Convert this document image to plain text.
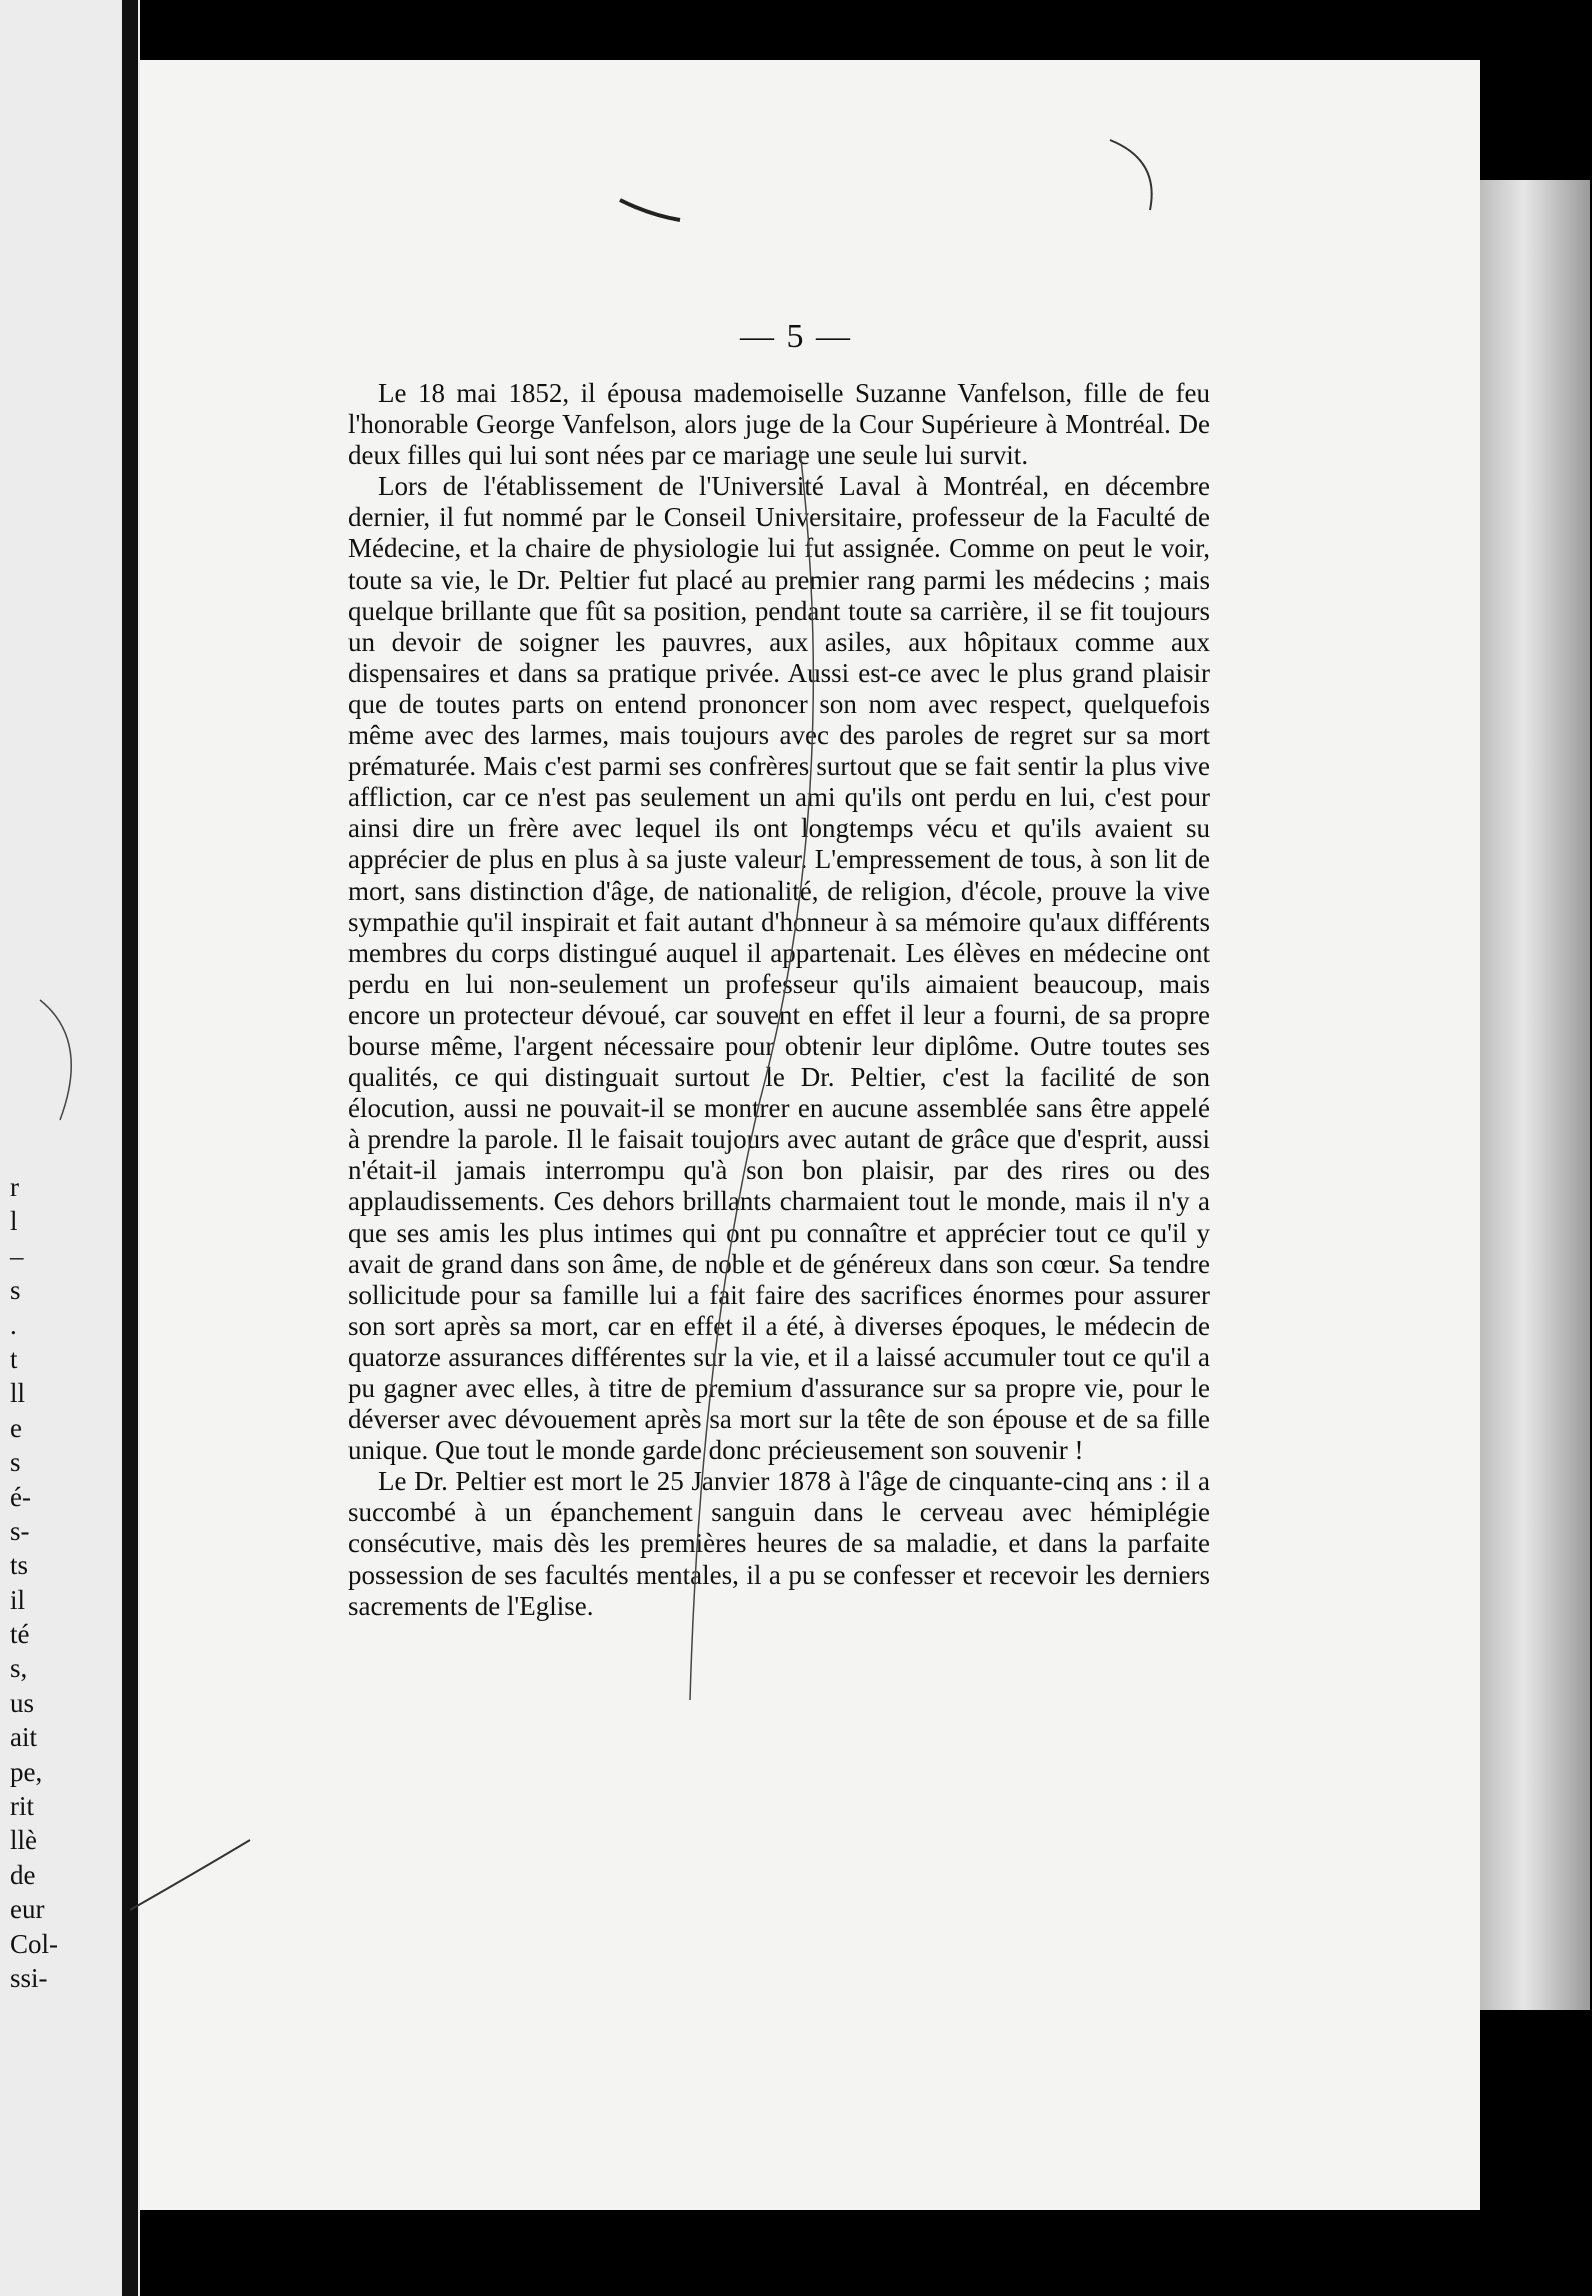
r
l
–
s
.
t
ll
e
s
é-
s-
ts
il
té
s,
us
ait
pe,
rit
llè
de
eur
Col-
ssi-
— 5 —

Le 18 mai 1852, il épousa mademoiselle Suzanne Vanfelson, fille de feu l'honorable George Vanfelson, alors juge de la Cour Supérieure à Montréal. De deux filles qui lui sont nées par ce mariage une seule lui survit.

Lors de l'établissement de l'Université Laval à Montréal, en décembre dernier, il fut nommé par le Conseil Universitaire, professeur de la Faculté de Médecine, et la chaire de physiologie lui fut assignée. Comme on peut le voir, toute sa vie, le Dr. Peltier fut placé au premier rang parmi les médecins ; mais quelque brillante que fût sa position, pendant toute sa carrière, il se fit toujours un devoir de soigner les pauvres, aux asiles, aux hôpitaux comme aux dispensaires et dans sa pratique privée. Aussi est-ce avec le plus grand plaisir que de toutes parts on entend prononcer son nom avec respect, quelquefois même avec des larmes, mais toujours avec des paroles de regret sur sa mort prématurée. Mais c'est parmi ses confrères surtout que se fait sentir la plus vive affliction, car ce n'est pas seulement un ami qu'ils ont perdu en lui, c'est pour ainsi dire un frère avec lequel ils ont longtemps vécu et qu'ils avaient su apprécier de plus en plus à sa juste valeur. L'empressement de tous, à son lit de mort, sans distinction d'âge, de nationalité, de religion, d'école, prouve la vive sympathie qu'il inspirait et fait autant d'honneur à sa mémoire qu'aux différents membres du corps distingué auquel il appartenait. Les élèves en médecine ont perdu en lui non-seulement un professeur qu'ils aimaient beaucoup, mais encore un protecteur dévoué, car souvent en effet il leur a fourni, de sa propre bourse même, l'argent nécessaire pour obtenir leur diplôme. Outre toutes ses qualités, ce qui distinguait surtout le Dr. Peltier, c'est la facilité de son élocution, aussi ne pouvait-il se montrer en aucune assemblée sans être appelé à prendre la parole. Il le faisait toujours avec autant de grâce que d'esprit, aussi n'était-il jamais interrompu qu'à son bon plaisir, par des rires ou des applaudissements. Ces dehors brillants charmaient tout le monde, mais il n'y a que ses amis les plus intimes qui ont pu connaître et apprécier tout ce qu'il y avait de grand dans son âme, de noble et de généreux dans son cœur. Sa tendre sollicitude pour sa famille lui a fait faire des sacrifices énormes pour assurer son sort après sa mort, car en effet il a été, à diverses époques, le médecin de quatorze assurances différentes sur la vie, et il a laissé accumuler tout ce qu'il a pu gagner avec elles, à titre de premium d'assurance sur sa propre vie, pour le déverser avec dévouement après sa mort sur la tête de son épouse et de sa fille unique. Que tout le monde garde donc précieusement son souvenir !

Le Dr. Peltier est mort le 25 Janvier 1878 à l'âge de cinquante-cinq ans : il a succombé à un épanchement sanguin dans le cerveau avec hémiplégie consécutive, mais dès les premières heures de sa maladie, et dans la parfaite possession de ses facultés mentales, il a pu se confesser et recevoir les derniers sacrements de l'Eglise.
